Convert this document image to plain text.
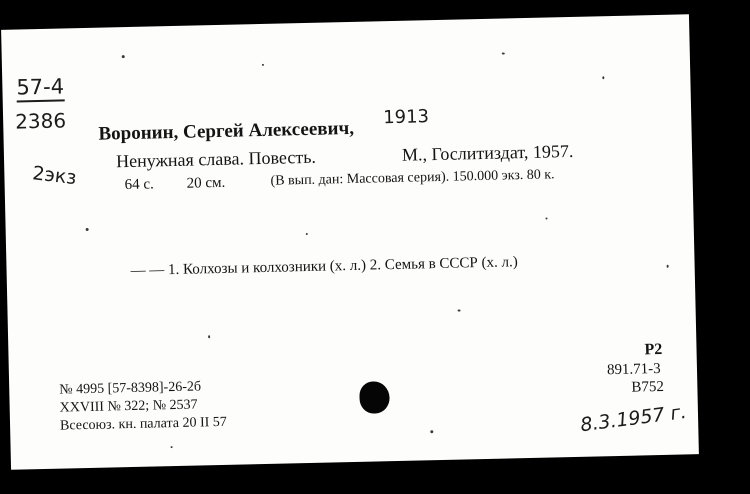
57-4
2386
2экз
Воронин, Сергей Алексеевич,
1913
Ненужная слава. Повесть.	М., Гослитиздат, 1957.
64 с. 20 см.	(В вып. дан: Массовая серия). 150.000 экз. 80 к.
— — 1. Колхозы и колхозники (х. л.) 2. Семья в СССР (х. л.)
№ 4995 [57-8398]-26-2б
XXVIII № 322; № 2537
Всесоюз. кн. палата 20 II 57
Р2
891.71-3
В752
8.3.1957 г.
